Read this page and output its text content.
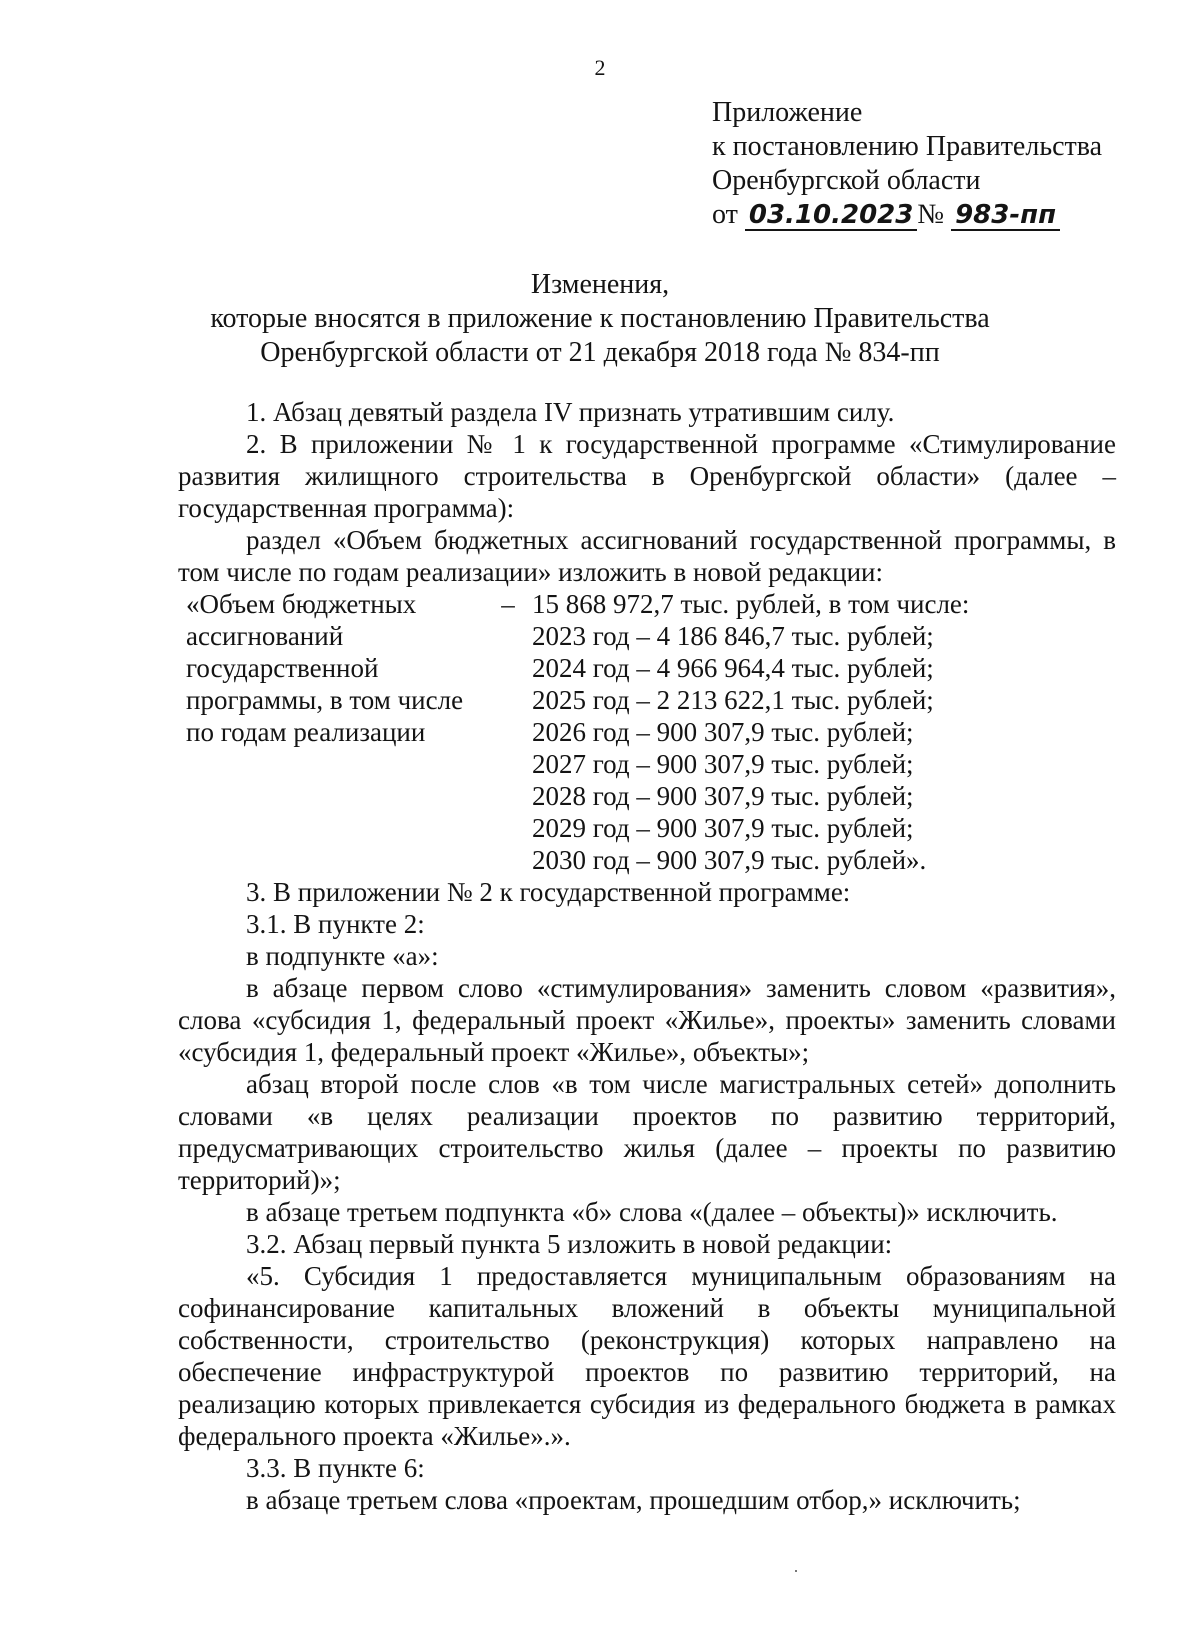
2
Приложение
к постановлению Правительства
Оренбургской области
от 03.10.2023 № 983-пп
Изменения,
которые вносятся в приложение к постановлению Правительства
Оренбургской области от 21 декабря 2018 года № 834-пп

1. Абзац девятый раздела IV признать утратившим силу.

2. В приложении № 1 к государственной программе «Стимулирование развития жилищного строительства в Оренбургской области» (далее – государственная программа):

раздел «Объем бюджетных ассигнований государственной программы, в том числе по годам реализации» изложить в новой редакции:

«Объем бюджетных
ассигнований
государственной
программы, в том числе
по годам реализации
– 15 868 972,7 тыс. рублей, в том числе:
2023 год – 4 186 846,7 тыс. рублей;
2024 год – 4 966 964,4 тыс. рублей;
2025 год – 2 213 622,1 тыс. рублей;
2026 год – 900 307,9 тыс. рублей;
2027 год – 900 307,9 тыс. рублей;
2028 год – 900 307,9 тыс. рублей;
2029 год – 900 307,9 тыс. рублей;
2030 год – 900 307,9 тыс. рублей».

3. В приложении № 2 к государственной программе:

3.1. В пункте 2:

в подпункте «а»:

в абзаце первом слово «стимулирования» заменить словом «развития», слова «субсидия 1, федеральный проект «Жилье», проекты» заменить словами «субсидия 1, федеральный проект «Жилье», объекты»;

абзац второй после слов «в том числе магистральных сетей» дополнить словами «в целях реализации проектов по развитию территорий, предусматривающих строительство жилья (далее – проекты по развитию территорий)»;

в абзаце третьем подпункта «б» слова «(далее – объекты)» исключить.

3.2. Абзац первый пункта 5 изложить в новой редакции:

«5. Субсидия 1 предоставляется муниципальным образованиям на софинансирование капитальных вложений в объекты муниципальной собственности, строительство (реконструкция) которых направлено на обеспечение инфраструктурой проектов по развитию территорий, на реализацию которых привлекается субсидия из федерального бюджета в рамках федерального проекта «Жилье».».

3.3. В пункте 6:

в абзаце третьем слова «проектам, прошедшим отбор,» исключить;
